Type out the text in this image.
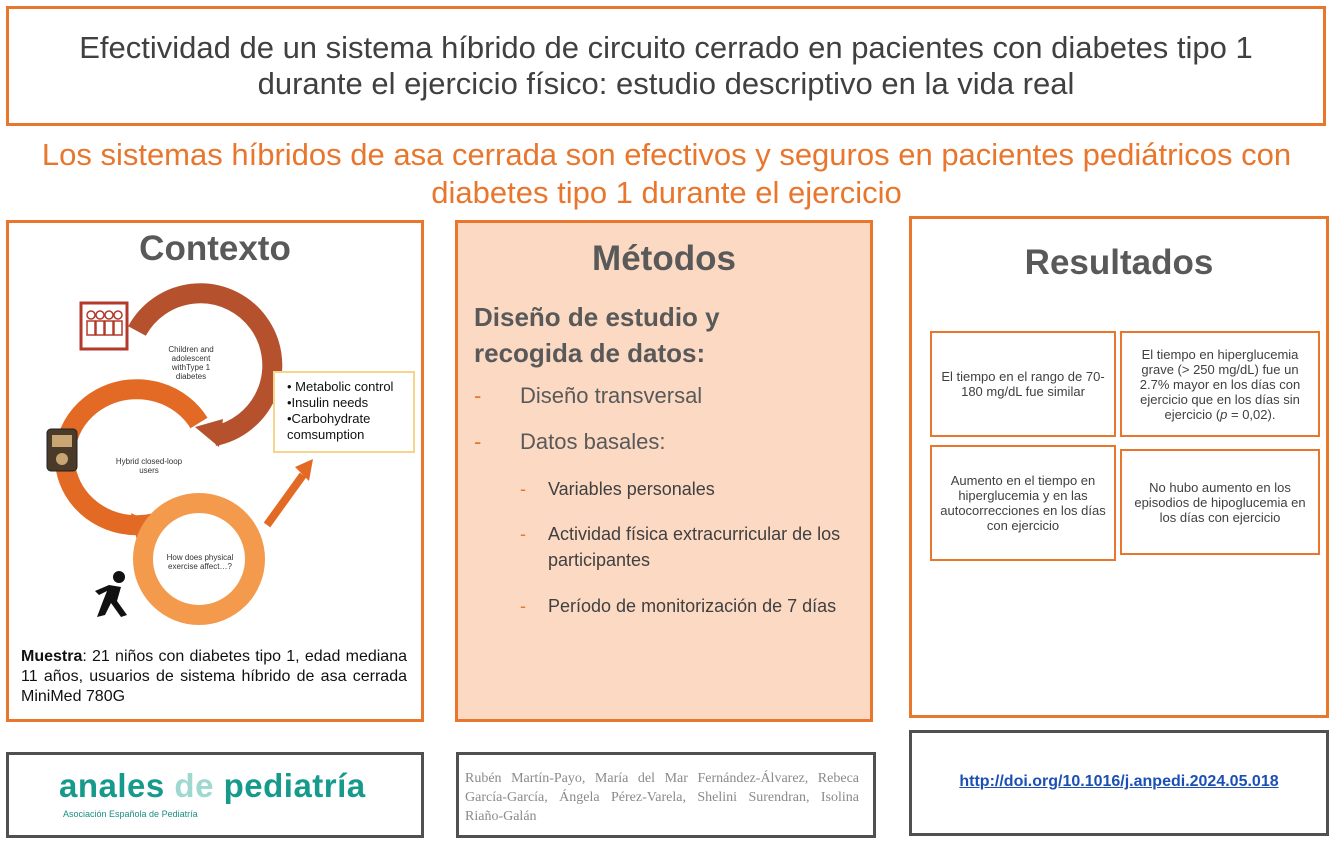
Efectividad de un sistema híbrido de circuito cerrado en pacientes con diabetes tipo 1 durante el ejercicio físico: estudio descriptivo en la vida real
Los sistemas híbridos de asa cerrada son efectivos y seguros en pacientes pediátricos con diabetes tipo 1 durante el ejercicio
Contexto
Children and adolescent withType 1 diabetes
Hybrid closed-loop users
How does physical exercise affect…?
• Metabolic control
•Insulin needs
•Carbohydrate comsumption
Muestra: 21 niños con diabetes tipo 1, edad mediana 11 años, usuarios de sistema híbrido de asa cerrada MiniMed 780G
Métodos
Diseño de estudio y recogida de datos:
- Diseño transversal
- Datos basales:
- Variables personales
- Actividad física extracurricular de los participantes
- Período de monitorización de 7 días
Resultados
El tiempo en el rango de 70-180 mg/dL fue similar
El tiempo en hiperglucemia grave (> 250 mg/dL) fue un 2.7% mayor en los días con ejercicio que en los días sin ejercicio (p = 0,02).
Aumento en el tiempo en hiperglucemia y en las autocorrecciones en los días con ejercicio
No hubo aumento en los episodios de hipoglucemia en los días con ejercicio
anales de pediatría
Asociación Española de Pediatría
Rubén Martín-Payo, María del Mar Fernández-Álvarez, Rebeca García-García, Ángela Pérez-Varela, Shelini Surendran, Isolina Riaño-Galán
http://doi.org/10.1016/j.anpedi.2024.05.018
